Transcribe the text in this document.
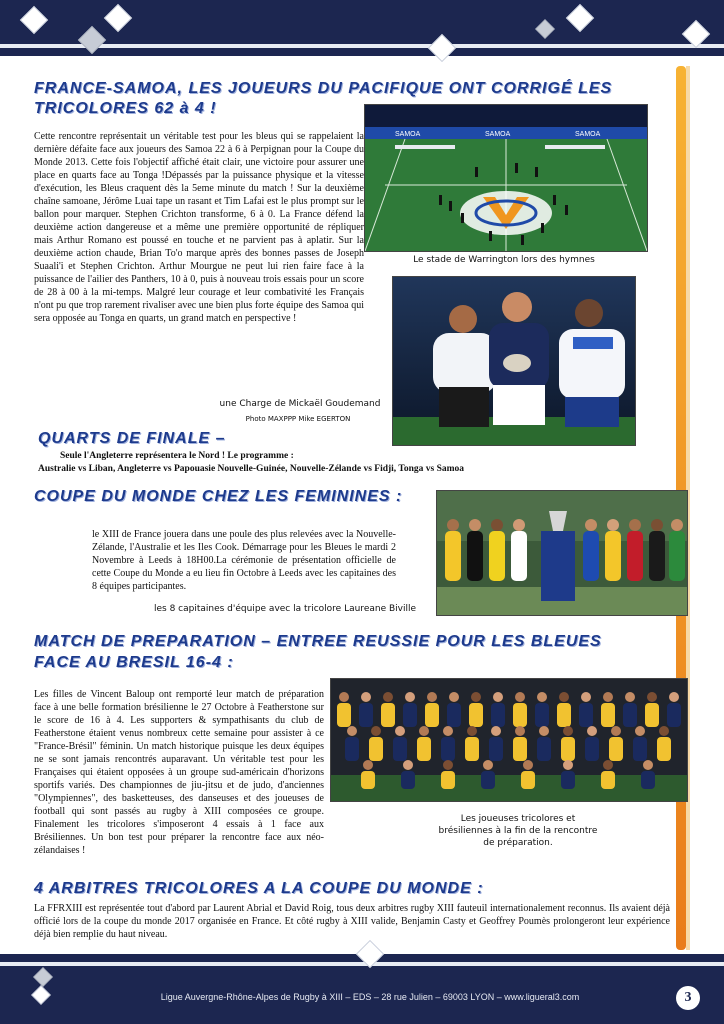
FRANCE-SAMOA, LES JOUEURS DU PACIFIQUE ONT CORRIGÉ LES
TRICOLORES 62 à 4 !
Cette rencontre représentait un véritable test pour les bleus qui se rappelaient la dernière défaite face aux joueurs des Samoa 22 à 6 à Perpignan pour la Coupe du Monde 2013. Cette fois l'objectif affiché était clair, une victoire pour assurer une place en quarts face au Tonga !Dépassés par la puissance physique et la vitesse d'exécution, les Bleus craquent dès la 5eme minute du match ! Sur la deuxième chaîne samoane, Jérôme Luai tape un rasant et Tim Lafai est le plus prompt sur le ballon pour marquer. Stephen Crichton transforme, 6 à 0. La France défend la deuxième action dangereuse et a même une première opportunité de répliquer mais Arthur Romano est poussé en touche et ne parvient pas à aplatir. Sur la deuxième action chaude, Brian To'o marque après des bonnes passes de Joseph Suaali'i et Stephen Crichton. Arthur Mourgue ne peut lui rien faire face à la puissance de l'ailier des Panthers, 10 à 0, puis à nouveau trois essais pour un score de 28 à 00 à la mi-temps. Malgré leur courage et leur combativité les Français n'ont pu que trop rarement rivaliser avec une bien plus forte équipe des Samoa qui sera opposée au Tonga en quarts, un grand match en perspective !
SAMOA	SAMOA	SAMOA
Le stade de Warrington lors des hymnes
une Charge de Mickaël Goudemand
Photo MAXPPP Mike EGERTON
QUARTS DE FINALE –
Seule l'Angleterre représentera le Nord ! Le programme :
Australie vs Liban, Angleterre vs Papouasie Nouvelle-Guinée, Nouvelle-Zélande vs Fidji, Tonga vs Samoa
COUPE DU MONDE CHEZ LES FEMININES :
le XIII de France jouera dans une poule des plus relevées avec la Nouvelle-Zélande, l'Australie et les Iles Cook. Démarrage pour les Bleues le mardi 2 Novembre à Leeds à 18H00.La cérémonie de présentation officielle de cette Coupe du Monde a eu lieu fin Octobre à Leeds avec les capitaines des 8 équipes participantes.
les 8 capitaines d'équipe avec la tricolore Laureane Biville
MATCH DE PREPARATION – ENTREE REUSSIE POUR LES BLEUES
FACE AU BRESIL 16-4 :
Les filles de Vincent Baloup ont remporté leur match de préparation face à une belle formation brésilienne le 27 Octobre à Featherstone sur le score de 16 à 4. Les supporters & sympathisants du club de Featherstone étaient venus nombreux cette semaine pour assister à ce "France-Brésil" féminin. Un match historique puisque les deux équipes ne se sont jamais rencontrés auparavant. Un véritable test pour les Françaises qui étaient opposées à un groupe sud-américain d'horizons sportifs variés. Des championnes de jiu-jitsu et de judo, d'anciennes "Olympiennes", des basketteuses, des danseuses et des joueuses de football qui sont passés au rugby à XIII composées ce groupe. Finalement les tricolores s'imposeront 4 essais à 1 face aux Brésiliennes. Un bon test pour préparer la rencontre face aux néo-zélandaises !
Les joueuses tricolores et
brésiliennes à la fin de la rencontre
de préparation.
4 ARBITRES TRICOLORES A LA COUPE DU MONDE :
La FFRXIII est représentée tout d'abord par Laurent Abrial et David Roig, tous deux arbitres rugby XIII fauteuil internationalement reconnus. Ils avaient déjà officié lors de la coupe du monde 2017 organisée en France. Et côté rugby à XIII valide, Benjamin Casty et Geoffrey Poumès prolongeront leur expérience déjà bien remplie du haut niveau.
Ligue Auvergne-Rhône-Alpes de Rugby à XIII – EDS – 28 rue Julien – 69003 LYON – www.ligueral3.com	3
